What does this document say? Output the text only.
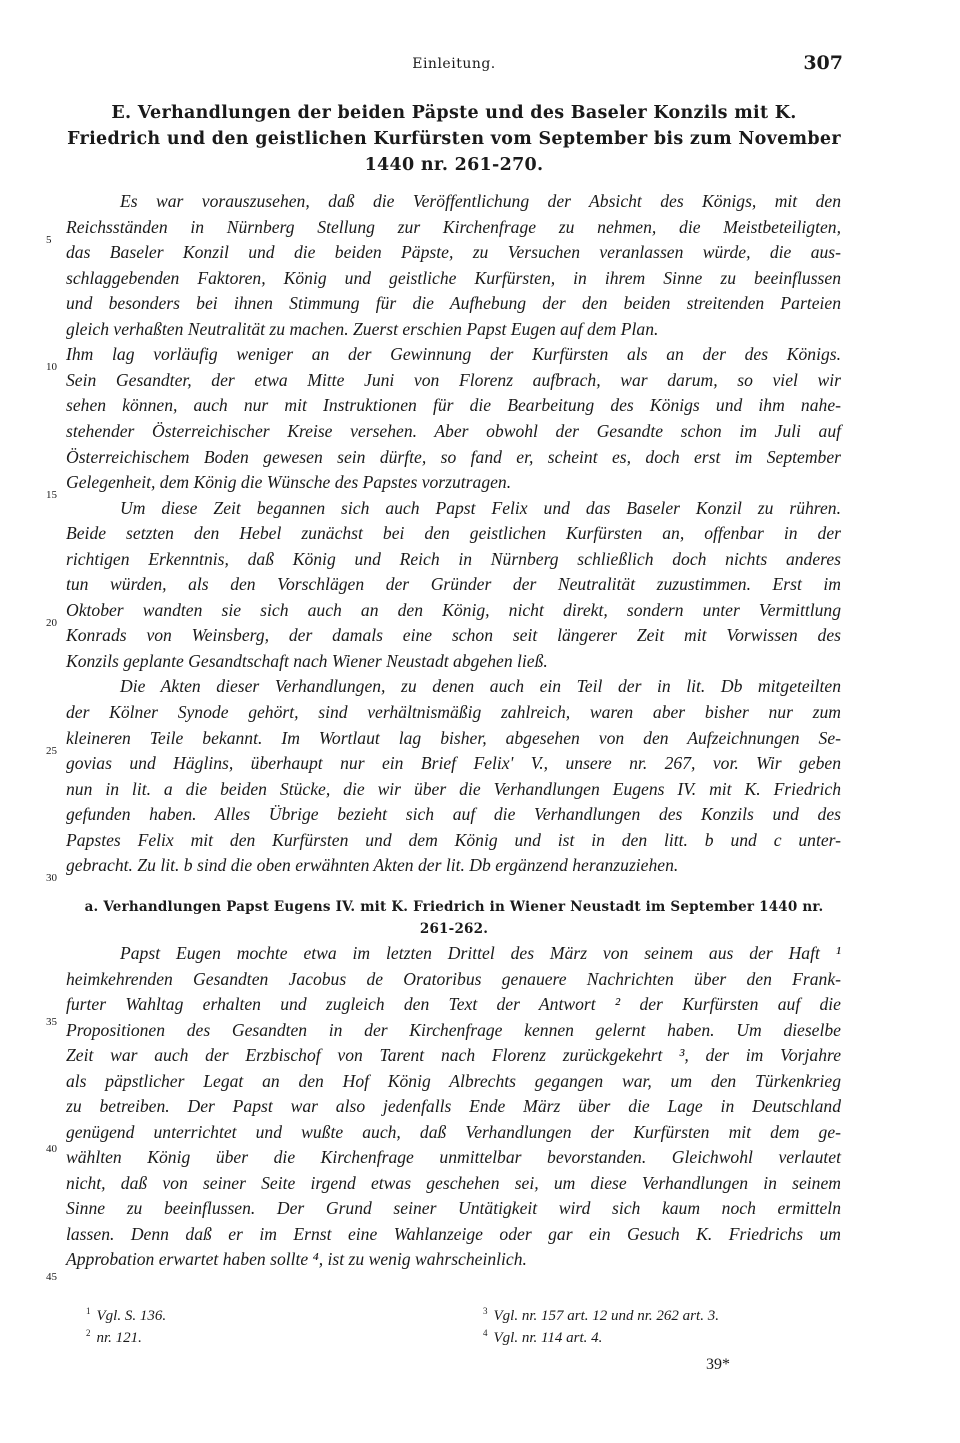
Einleitung.	307
E. Verhandlungen der beiden Päpste und des Baseler Konzils mit K. Friedrich und den geistlichen Kurfürsten vom September bis zum November 1440 nr. 261-270.
Es war vorauszusehen, daß die Veröffentlichung der Absicht des Königs, mit den
Reichsständen in Nürnberg Stellung zur Kirchenfrage zu nehmen, die Meistbeteiligten,
das Baseler Konzil und die beiden Päpste, zu Versuchen veranlassen würde, die aus-
schlaggebenden Faktoren, König und geistliche Kurfürsten, in ihrem Sinne zu beeinflussen
und besonders bei ihnen Stimmung für die Aufhebung der den beiden streitenden Parteien
gleich verhaßten Neutralität zu machen. Zuerst erschien Papst Eugen auf dem Plan.
Ihm lag vorläufig weniger an der Gewinnung der Kurfürsten als an der des Königs.
Sein Gesandter, der etwa Mitte Juni von Florenz aufbrach, war darum, so viel wir
sehen können, auch nur mit Instruktionen für die Bearbeitung des Königs und ihm nahe-
stehender Österreichischer Kreise versehen. Aber obwohl der Gesandte schon im Juli auf
Österreichischem Boden gewesen sein dürfte, so fand er, scheint es, doch erst im September
Gelegenheit, dem König die Wünsche des Papstes vorzutragen.
Um diese Zeit begannen sich auch Papst Felix und das Baseler Konzil zu rühren.
Beide setzten den Hebel zunächst bei den geistlichen Kurfürsten an, offenbar in der
richtigen Erkenntnis, daß König und Reich in Nürnberg schließlich doch nichts anderes
tun würden, als den Vorschlägen der Gründer der Neutralität zuzustimmen. Erst im
Oktober wandten sie sich auch an den König, nicht direkt, sondern unter Vermittlung
Konrads von Weinsberg, der damals eine schon seit längerer Zeit mit Vorwissen des
Konzils geplante Gesandtschaft nach Wiener Neustadt abgehen ließ.
Die Akten dieser Verhandlungen, zu denen auch ein Teil der in lit. Db mitgeteilten
der Kölner Synode gehört, sind verhältnismäßig zahlreich, waren aber bisher nur zum
kleineren Teile bekannt. Im Wortlaut lag bisher, abgesehen von den Aufzeichnungen Se-
govias und Häglins, überhaupt nur ein Brief Felix' V., unsere nr. 267, vor. Wir geben
nun in lit. a die beiden Stücke, die wir über die Verhandlungen Eugens IV. mit K. Friedrich
gefunden haben. Alles Übrige bezieht sich auf die Verhandlungen des Konzils und des
Papstes Felix mit den Kurfürsten und dem König und ist in den litt. b und c unter-
gebracht. Zu lit. b sind die oben erwähnten Akten der lit. Db ergänzend heranzuziehen.
a. Verhandlungen Papst Eugens IV. mit K. Friedrich in Wiener Neustadt im September 1440 nr. 261-262.
Papst Eugen mochte etwa im letzten Drittel des März von seinem aus der Haft ¹
heimkehrenden Gesandten Jacobus de Oratoribus genauere Nachrichten über den Frank-
furter Wahltag erhalten und zugleich den Text der Antwort ² der Kurfürsten auf die
Propositionen des Gesandten in der Kirchenfrage kennen gelernt haben. Um dieselbe
Zeit war auch der Erzbischof von Tarent nach Florenz zurückgekehrt ³, der im Vorjahre
als päpstlicher Legat an den Hof König Albrechts gegangen war, um den Türkenkrieg
zu betreiben. Der Papst war also jedenfalls Ende März über die Lage in Deutschland
genügend unterrichtet und wußte auch, daß Verhandlungen der Kurfürsten mit dem ge-
wählten König über die Kirchenfrage unmittelbar bevorstanden. Gleichwohl verlautet
nicht, daß von seiner Seite irgend etwas geschehen sei, um diese Verhandlungen in seinem
Sinne zu beeinflussen. Der Grund seiner Untätigkeit wird sich kaum noch ermitteln
lassen. Denn daß er im Ernst eine Wahlanzeige oder gar ein Gesuch K. Friedrichs um
Approbation erwartet haben sollte ⁴, ist zu wenig wahrscheinlich.
5
10
15
20
25
30
35
40
45
$^1$ Vgl. S. 136.
$^2$ nr. 121.
$^3$ Vgl. nr. 157 art. 12 und nr. 262 art. 3.
$^4$ Vgl. nr. 114 art. 4.
39*
